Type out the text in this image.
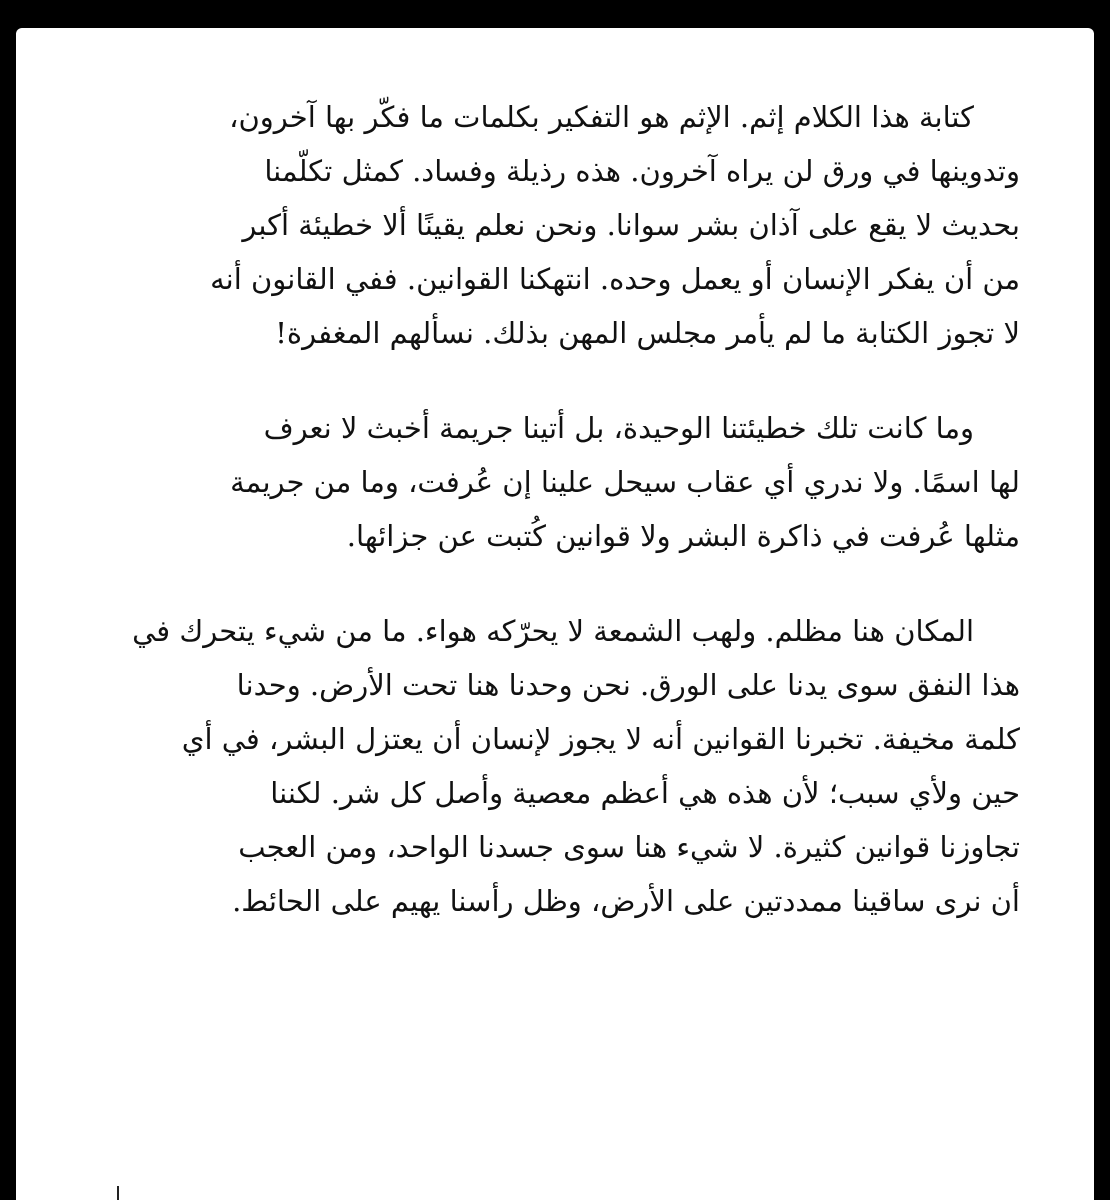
كتابة هذا الكلام إثم. الإثم هو التفكير بكلمات ما فكّر بها آخرون،
وتدوينها في ورق لن يراه آخرون. هذه رذيلة وفساد. كمثل تكلّمنا
بحديث لا يقع على آذان بشر سوانا. ونحن نعلم يقينًا ألا خطيئة أكبر
من أن يفكر الإنسان أو يعمل وحده. انتهكنا القوانين. ففي القانون أنه
لا تجوز الكتابة ما لم يأمر مجلس المهن بذلك. نسألهم المغفرة!
وما كانت تلك خطيئتنا الوحيدة، بل أتينا جريمة أخبث لا نعرف
لها اسمًا. ولا ندري أي عقاب سيحل علينا إن عُرفت، وما من جريمة
مثلها عُرفت في ذاكرة البشر ولا قوانين كُتبت عن جزائها.
المكان هنا مظلم. ولهب الشمعة لا يحرّكه هواء. ما من شيء يتحرك في
هذا النفق سوى يدنا على الورق. نحن وحدنا هنا تحت الأرض. وحدنا
كلمة مخيفة. تخبرنا القوانين أنه لا يجوز لإنسان أن يعتزل البشر، في أي
حين ولأي سبب؛ لأن هذه هي أعظم معصية وأصل كل شر. لكننا
تجاوزنا قوانين كثيرة. لا شيء هنا سوى جسدنا الواحد، ومن العجب
أن نرى ساقينا ممددتين على الأرض، وظل رأسنا يهيم على الحائط.
